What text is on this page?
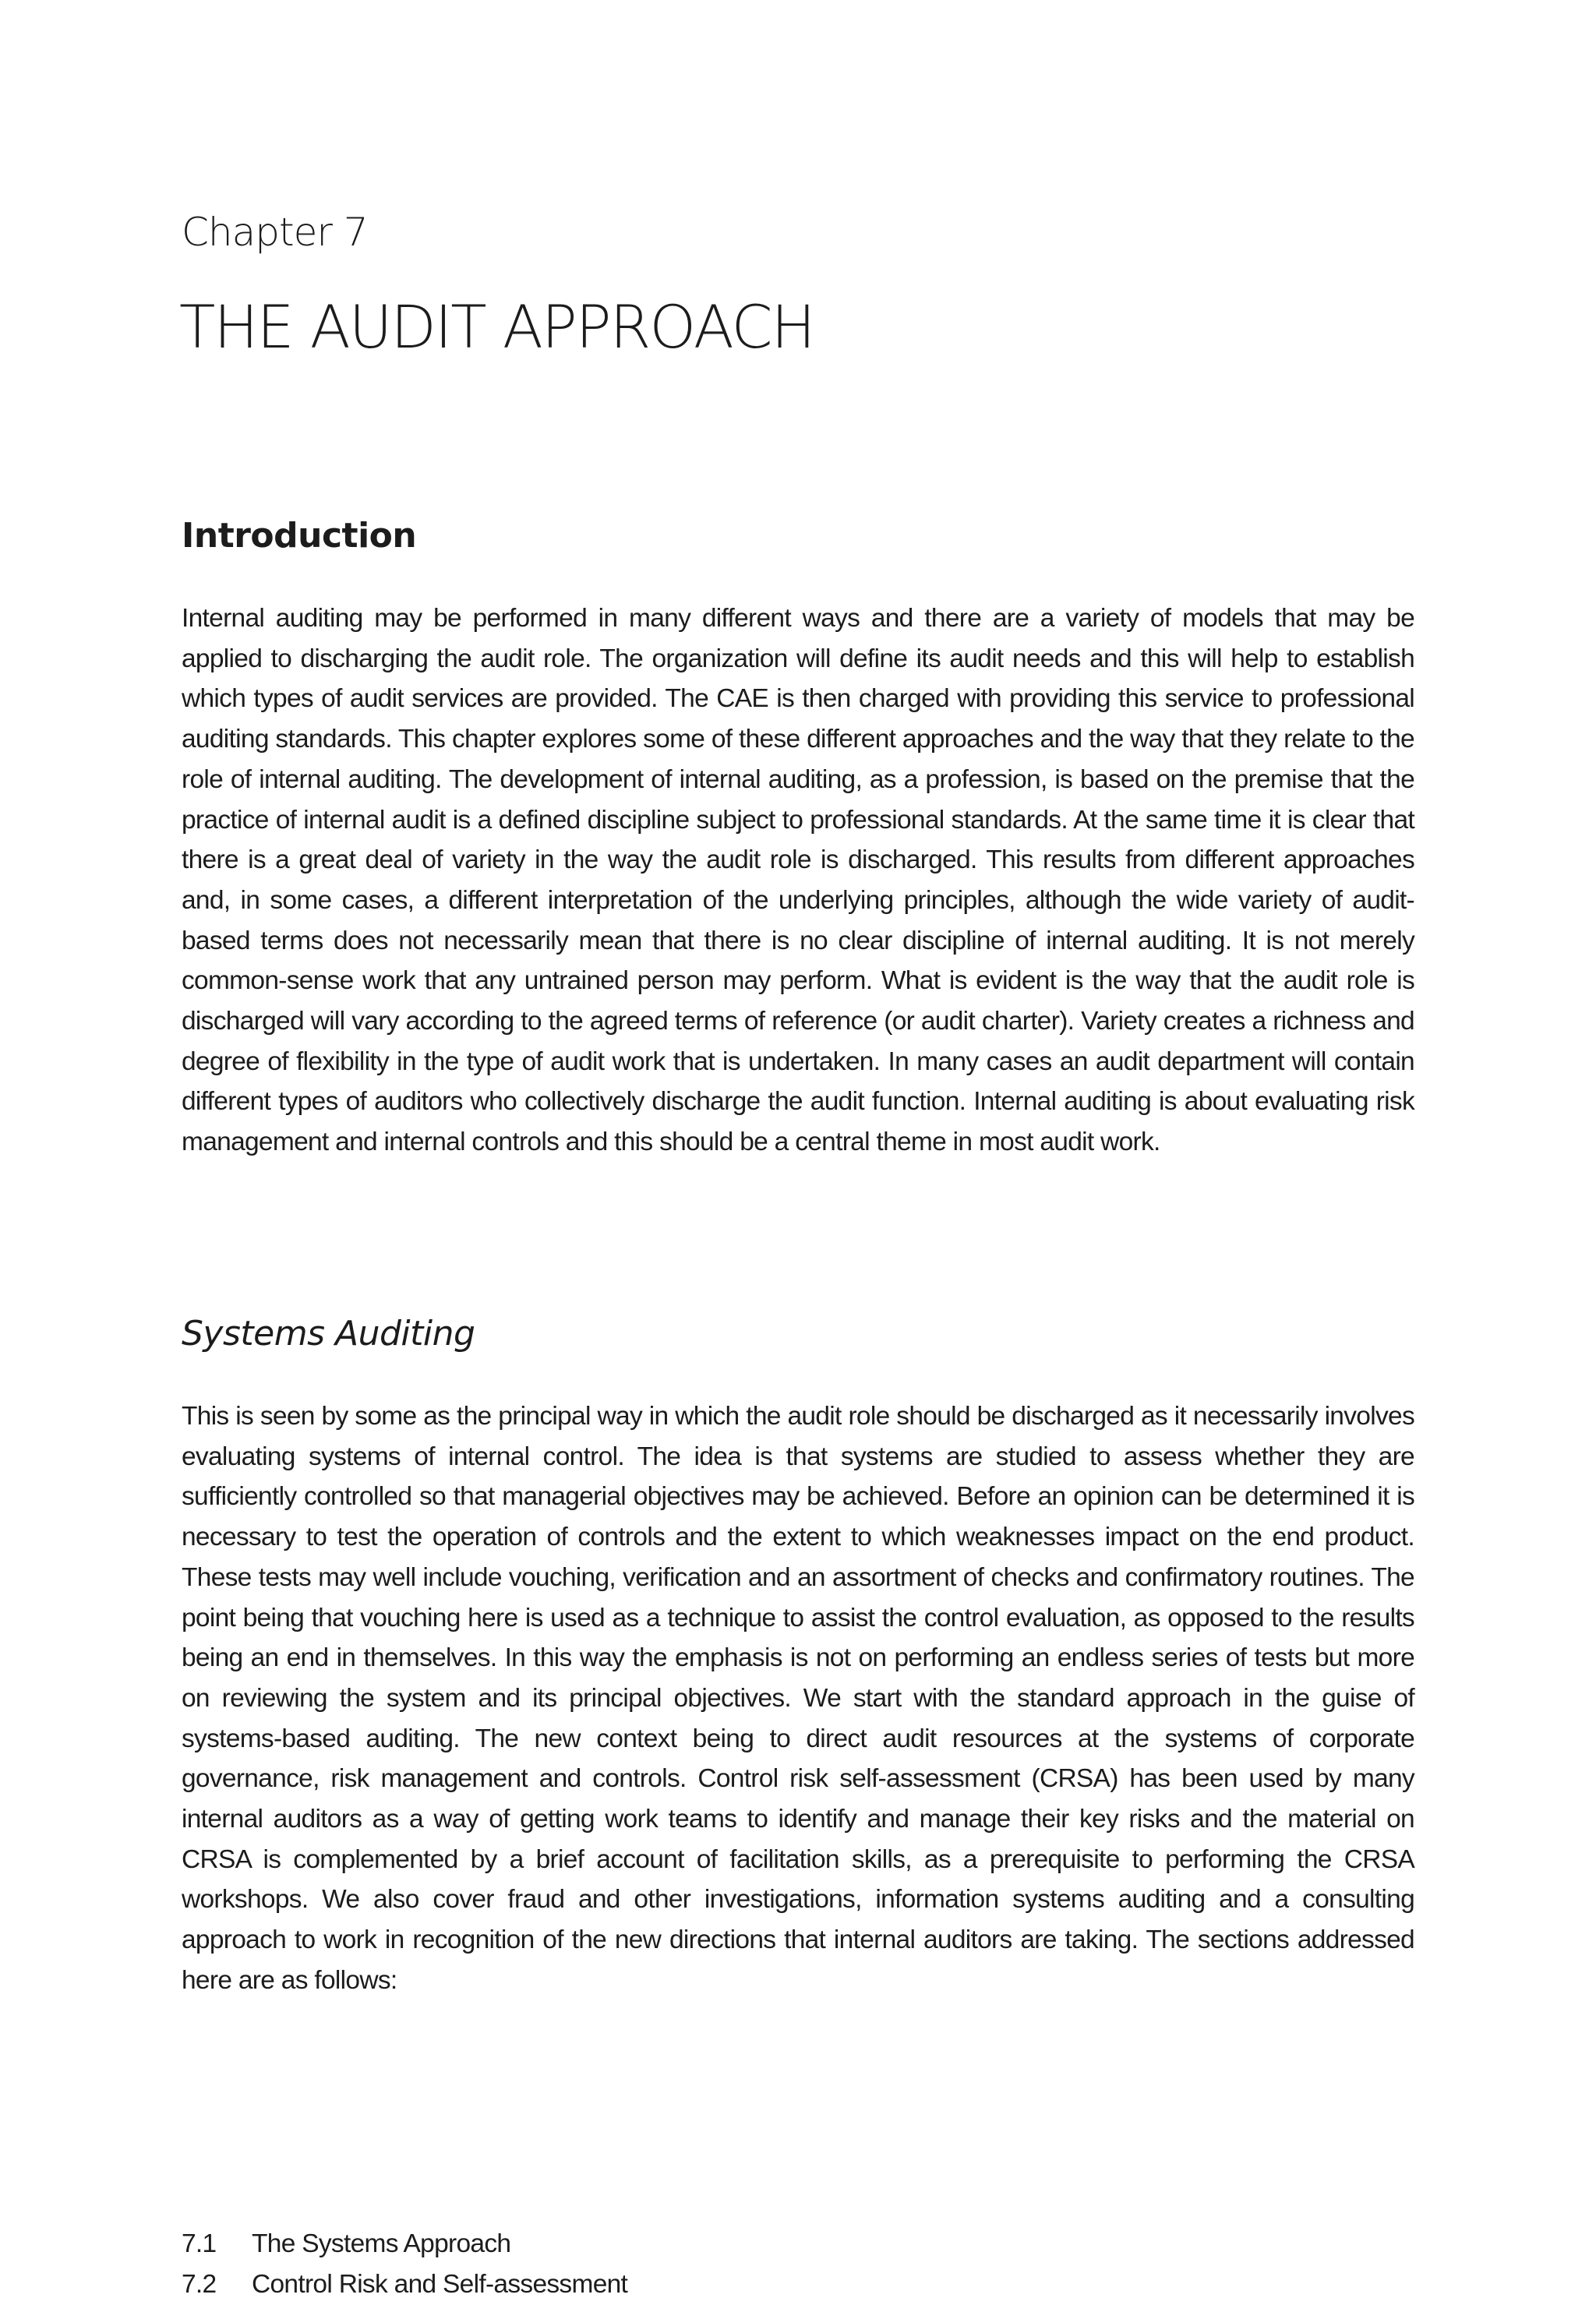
Chapter 7
THE AUDIT APPROACH
Introduction

Internal auditing may be performed in many different ways and there are a variety of models that may be applied to discharging the audit role. The organization will define its audit needs and this will help to establish which types of audit services are provided. The CAE is then charged with providing this service to professional auditing standards. This chapter explores some of these different approaches and the way that they relate to the role of internal auditing. The development of internal auditing, as a profession, is based on the premise that the practice of internal audit is a defined discipline subject to professional standards. At the same time it is clear that there is a great deal of variety in the way the audit role is discharged. This results from different approaches and, in some cases, a different interpretation of the underlying principles, although the wide variety of audit-based terms does not necessarily mean that there is no clear discipline of internal auditing. It is not merely common-sense work that any untrained person may perform. What is evident is the way that the audit role is discharged will vary according to the agreed terms of reference (or audit charter). Variety creates a richness and degree of flexibility in the type of audit work that is undertaken. In many cases an audit department will contain different types of auditors who collectively discharge the audit function. Internal auditing is about evaluating risk management and internal controls and this should be a central theme in most audit work.

Systems Auditing

This is seen by some as the principal way in which the audit role should be discharged as it necessarily involves evaluating systems of internal control. The idea is that systems are studied to assess whether they are sufficiently controlled so that managerial objectives may be achieved. Before an opinion can be determined it is necessary to test the operation of controls and the extent to which weaknesses impact on the end product. These tests may well include vouching, verification and an assortment of checks and confirmatory routines. The point being that vouching here is used as a technique to assist the control evaluation, as opposed to the results being an end in themselves. In this way the emphasis is not on performing an endless series of tests but more on reviewing the system and its principal objectives. We start with the standard approach in the guise of systems-based auditing. The new context being to direct audit resources at the systems of corporate governance, risk management and controls. Control risk self-assessment (CRSA) has been used by many internal auditors as a way of getting work teams to identify and manage their key risks and the material on CRSA is complemented by a brief account of facilitation skills, as a prerequisite to performing the CRSA workshops. We also cover fraud and other investigations, information systems auditing and a consulting approach to work in recognition of the new directions that internal auditors are taking. The sections addressed here are as follows:

7.1	The Systems Approach
7.2	Control Risk and Self-assessment
